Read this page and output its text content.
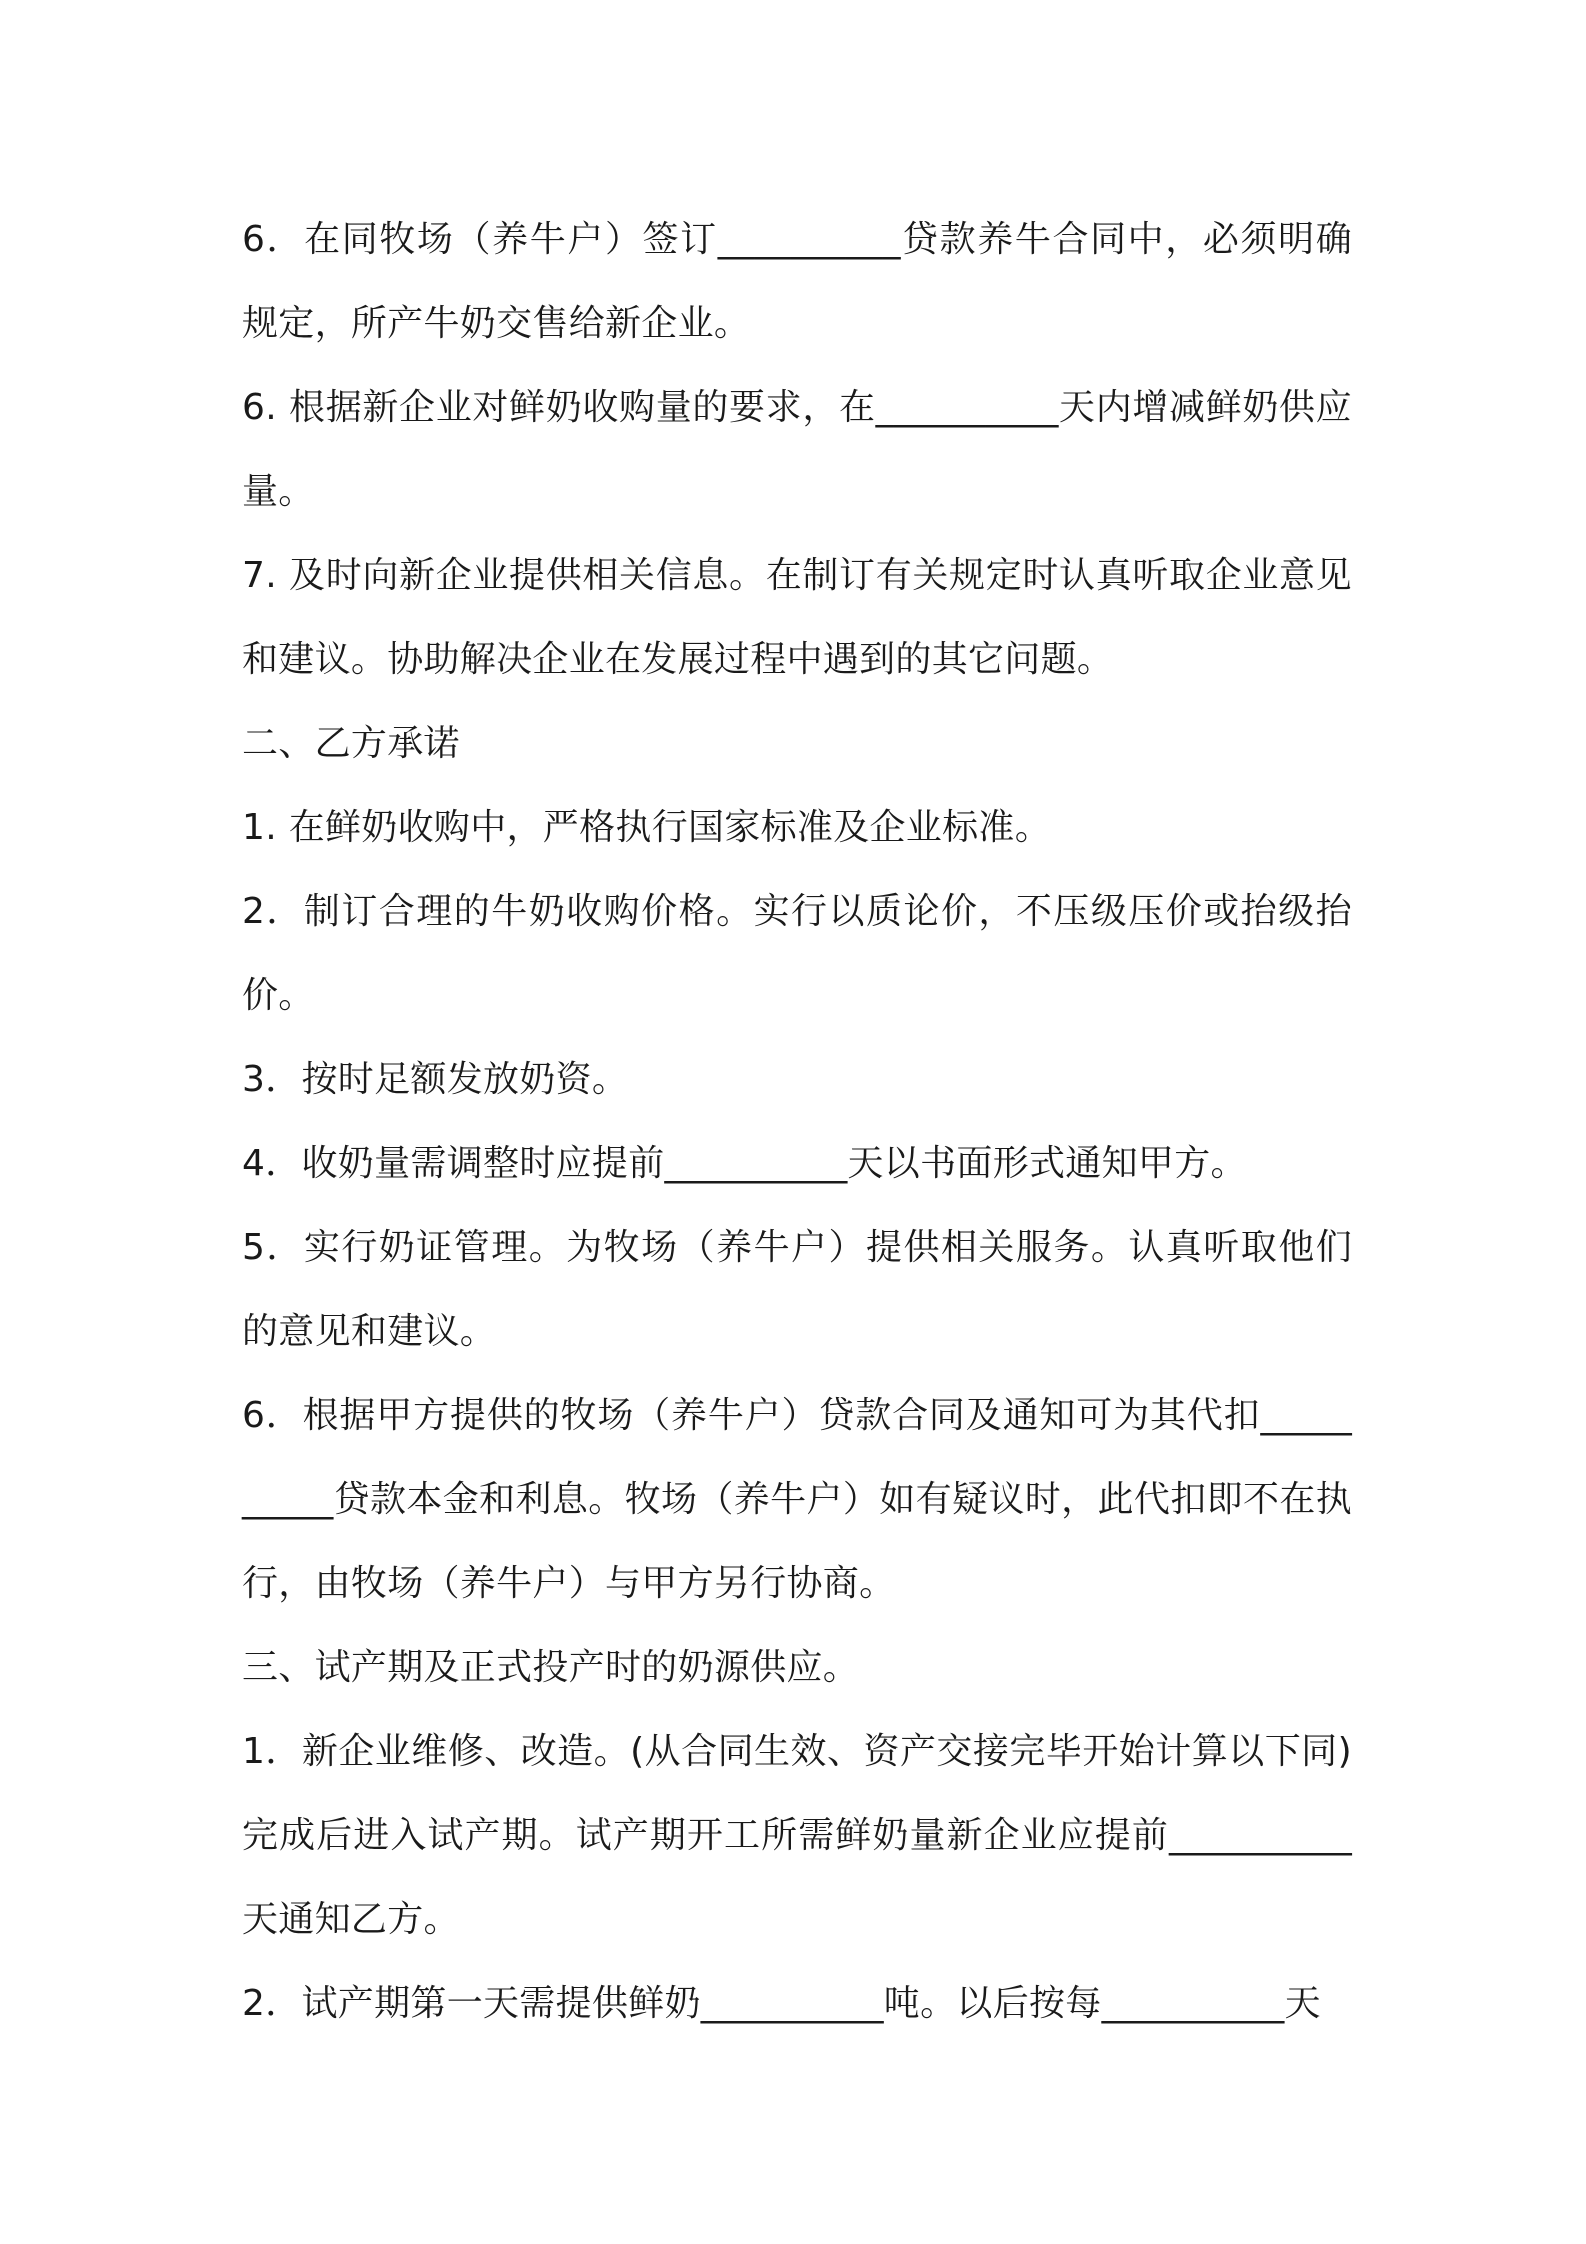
6．在同牧场（养牛户）签订__________贷款养牛合同中，必须明确规定，所产牛奶交售给新企业。

6. 根据新企业对鲜奶收购量的要求，在__________天内增减鲜奶供应量。

7. 及时向新企业提供相关信息。在制订有关规定时认真听取企业意见和建议。协助解决企业在发展过程中遇到的其它问题。

二、乙方承诺

1. 在鲜奶收购中，严格执行国家标准及企业标准。

2．制订合理的牛奶收购价格。实行以质论价，不压级压价或抬级抬价。

3．按时足额发放奶资。

4．收奶量需调整时应提前__________天以书面形式通知甲方。

5．实行奶证管理。为牧场（养牛户）提供相关服务。认真听取他们的意见和建议。

6．根据甲方提供的牧场（养牛户）贷款合同及通知可为其代扣__________贷款本金和利息。牧场（养牛户）如有疑议时，此代扣即不在执行，由牧场（养牛户）与甲方另行协商。

三、试产期及正式投产时的奶源供应。

1．新企业维修、改造。(从合同生效、资产交接完毕开始计算以下同)完成后进入试产期。试产期开工所需鲜奶量新企业应提前__________天通知乙方。

2．试产期第一天需提供鲜奶__________吨。以后按每__________天
